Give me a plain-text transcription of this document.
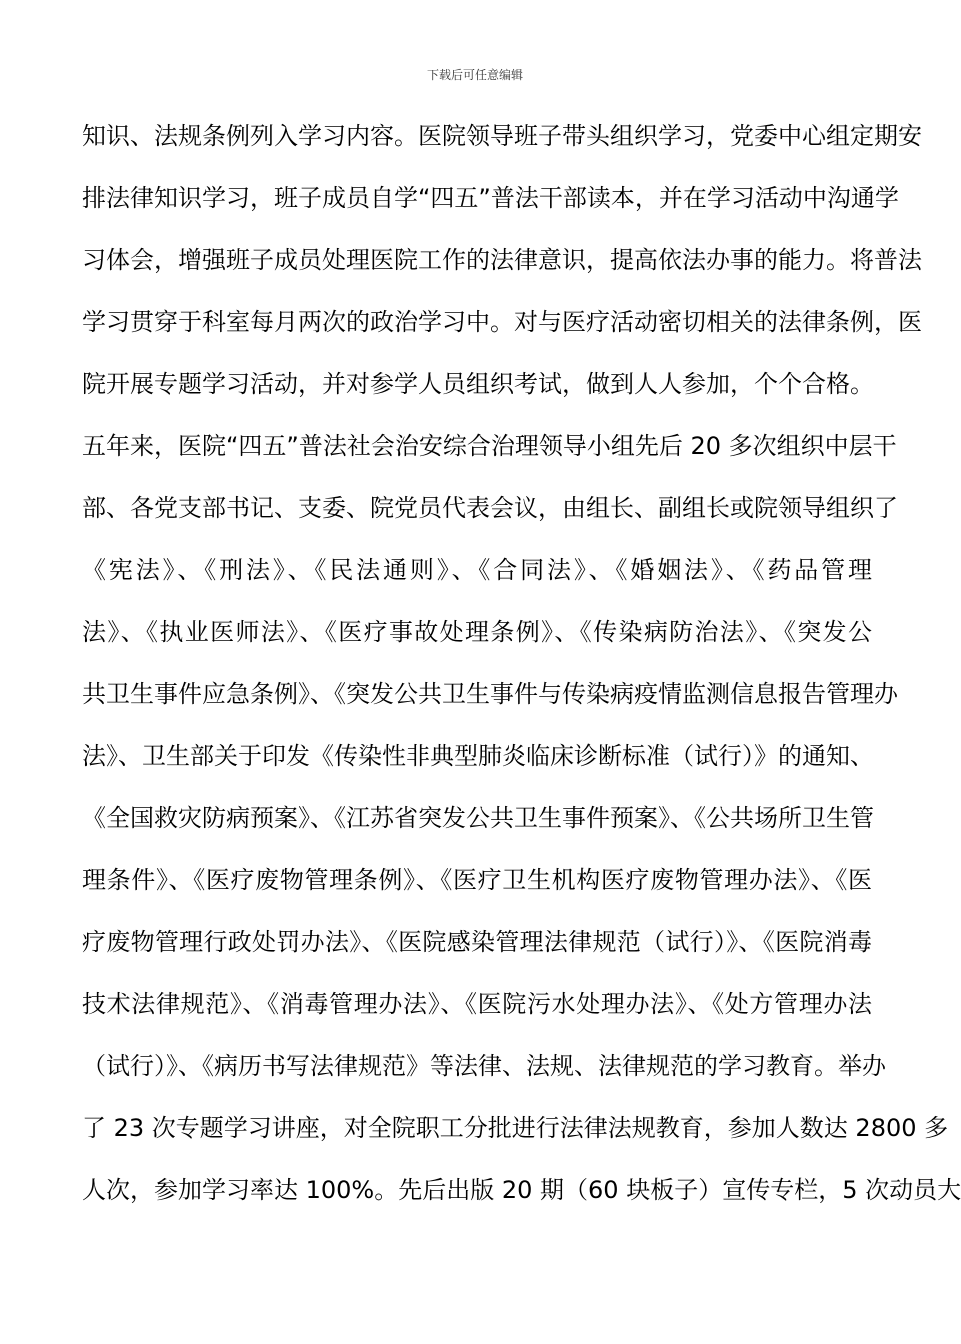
下载后可任意编辑
知识、法规条例列入学习内容。医院领导班子带头组织学习，党委中心组定期安
排法律知识学习，班子成员自学“四五”普法干部读本，并在学习活动中沟通学
习体会，增强班子成员处理医院工作的法律意识，提高依法办事的能力。将普法
学习贯穿于科室每月两次的政治学习中。对与医疗活动密切相关的法律条例，医
院开展专题学习活动，并对参学人员组织考试，做到人人参加，个个合格。
五年来，医院“四五”普法社会治安综合治理领导小组先后 20 多次组织中层干
部、各党支部书记、支委、院党员代表会议，由组长、副组长或院领导组织了
《宪法》、《刑法》、《民法通则》、《合同法》、《婚姻法》、《药品管理
法》、《执业医师法》、《医疗事故处理条例》、《传染病防治法》、《突发公
共卫生事件应急条例》、《突发公共卫生事件与传染病疫情监测信息报告管理办
法》、卫生部关于印发《传染性非典型肺炎临床诊断标准（试行）》的通知、
《全国救灾防病预案》、《江苏省突发公共卫生事件预案》、《公共场所卫生管
理条件》、《医疗废物管理条例》、《医疗卫生机构医疗废物管理办法》、《医
疗废物管理行政处罚办法》、《医院感染管理法律规范（试行）》、《医院消毒
技术法律规范》、《消毒管理办法》、《医院污水处理办法》、《处方管理办法
（试行）》、《病历书写法律规范》等法律、法规、法律规范的学习教育。举办
了 23 次专题学习讲座，对全院职工分批进行法律法规教育，参加人数达 2800 多
人次，参加学习率达 100%。先后出版 20 期（60 块板子）宣传专栏，5 次动员大
